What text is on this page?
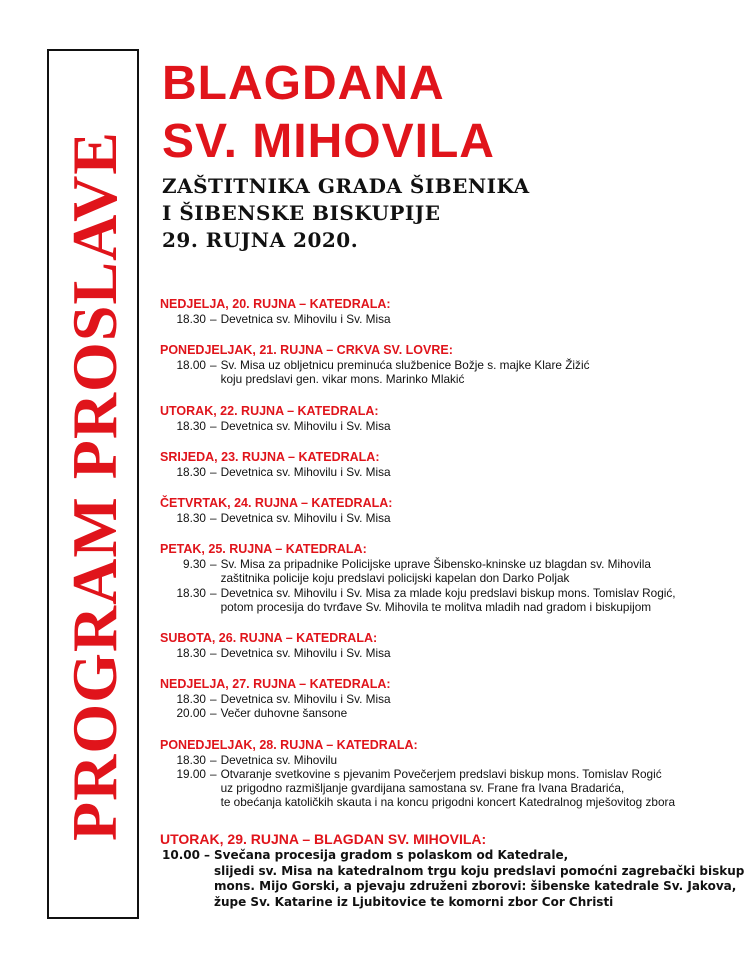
PROGRAM PROSLAVE
BLAGDANA
SV. MIHOVILA
ZAŠTITNIKA GRADA ŠIBENIKA
I ŠIBENSKE BISKUPIJE
29. RUJNA 2020.
NEDJELJA, 20. RUJNA – KATEDRALA:
18.30 – Devetnica sv. Mihovilu i Sv. Misa
PONEDJELJAK, 21. RUJNA – CRKVA SV. LOVRE:
18.00 – Sv. Misa uz obljetnicu preminuća službenice Božje s. majke Klare Žižić
koju predslavi gen. vikar mons. Marinko Mlakić
UTORAK, 22. RUJNA – KATEDRALA:
18.30 – Devetnica sv. Mihovilu i Sv. Misa
SRIJEDA, 23. RUJNA – KATEDRALA:
18.30 – Devetnica sv. Mihovilu i Sv. Misa
ČETVRTAK, 24. RUJNA – KATEDRALA:
18.30 – Devetnica sv. Mihovilu i Sv. Misa
PETAK, 25. RUJNA – KATEDRALA:
9.30 – Sv. Misa za pripadnike Policijske uprave Šibensko-kninske uz blagdan sv. Mihovila
zaštitnika policije koju predslavi policijski kapelan don Darko Poljak
18.30 – Devetnica sv. Mihovilu i Sv. Misa za mlade koju predslavi biskup mons. Tomislav Rogić,
potom procesija do tvrđave Sv. Mihovila te molitva mladih nad gradom i biskupijom
SUBOTA, 26. RUJNA – KATEDRALA:
18.30 – Devetnica sv. Mihovilu i Sv. Misa
NEDJELJA, 27. RUJNA – KATEDRALA:
18.30 – Devetnica sv. Mihovilu i Sv. Misa
20.00 – Večer duhovne šansone
PONEDJELJAK, 28. RUJNA – KATEDRALA:
18.30 – Devetnica sv. Mihovilu
19.00 – Otvaranje svetkovine s pjevanim Povečerjem predslavi biskup mons. Tomislav Rogić
uz prigodno razmišljanje gvardijana samostana sv. Frane fra Ivana Bradarića,
te obećanja katoličkih skauta i na koncu prigodni koncert Katedralnog mješovitog zbora
UTORAK, 29. RUJNA – BLAGDAN SV. MIHOVILA:
10.00 – Svečana procesija gradom s polaskom od Katedrale,
slijedi sv. Misa na katedralnom trgu koju predslavi pomoćni zagrebački biskup
mons. Mijo Gorski, a pjevaju združeni zborovi: šibenske katedrale Sv. Jakova,
župe Sv. Katarine iz Ljubitovice te komorni zbor Cor Christi
